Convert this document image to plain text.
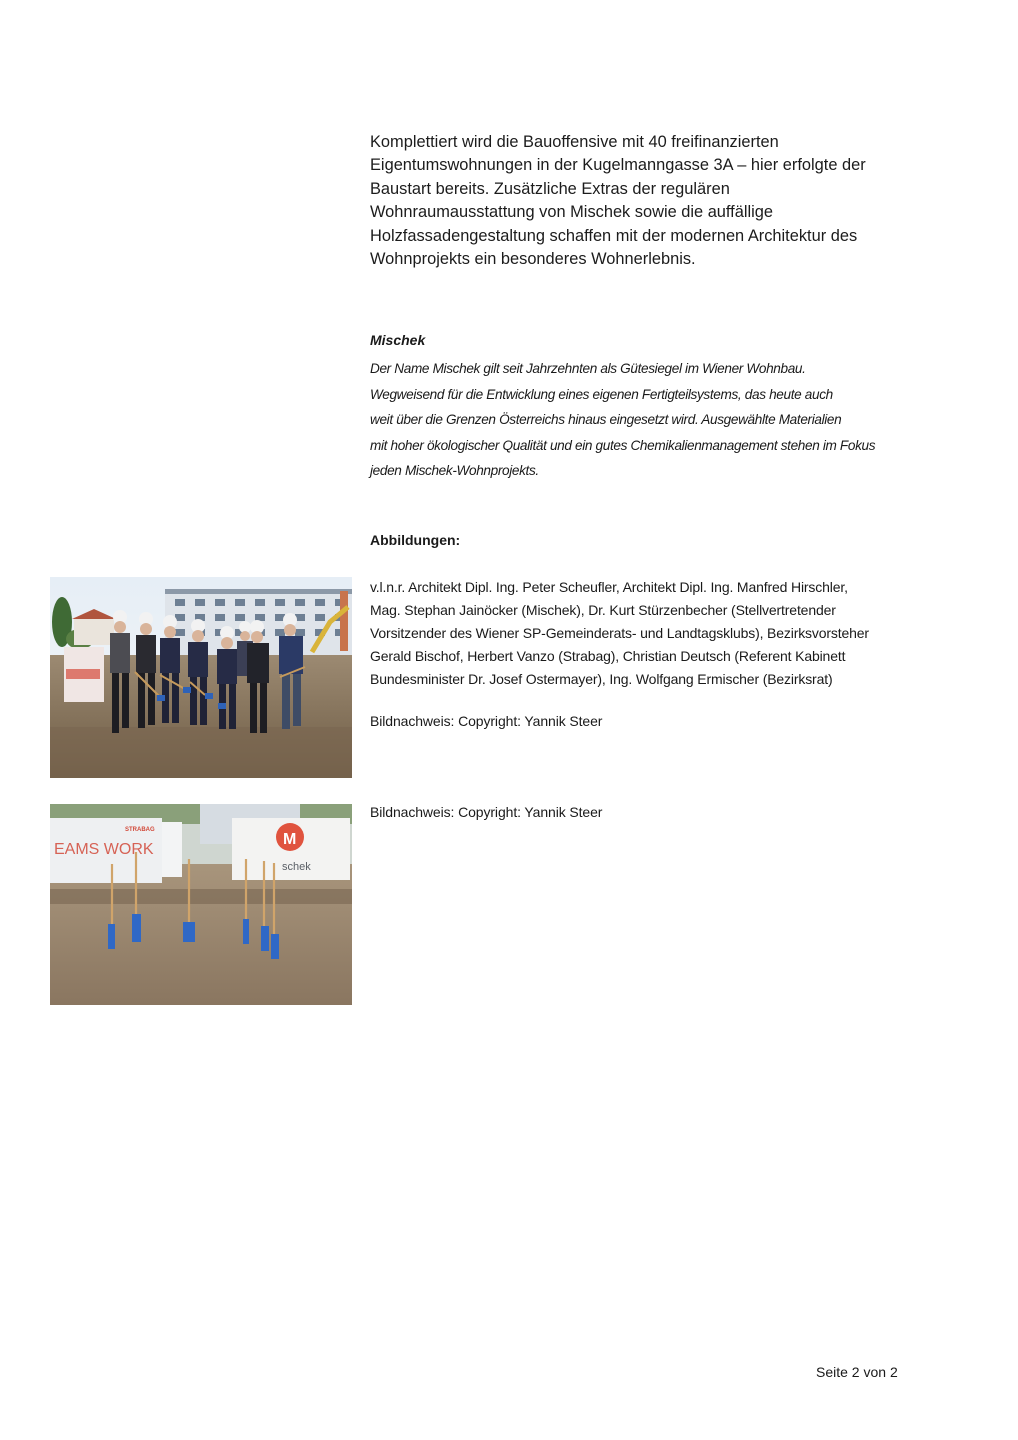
Komplettiert wird die Bauoffensive mit 40 freifinanzierten
Eigentumswohnungen in der Kugelmanngasse 3A – hier erfolgte der
Baustart bereits. Zusätzliche Extras der regulären
Wohnraumausstattung von Mischek sowie die auffällige
Holzfassadengestaltung schaffen mit der modernen Architektur des
Wohnprojekts ein besonderes Wohnerlebnis.
Mischek
Der Name Mischek gilt seit Jahrzehnten als Gütesiegel im Wiener Wohnbau.
Wegweisend für die Entwicklung eines eigenen Fertigteilsystems, das heute auch
weit über die Grenzen Österreichs hinaus eingesetzt wird. Ausgewählte Materialien
mit hoher ökologischer Qualität und ein gutes Chemikalienmanagement stehen im Fokus
jeden Mischek-Wohnprojekts.
Abbildungen:
v.l.n.r. Architekt Dipl. Ing. Peter Scheufler, Architekt Dipl. Ing. Manfred Hirschler,
Mag. Stephan Jainöcker (Mischek), Dr. Kurt Stürzenbecher (Stellvertretender
Vorsitzender des Wiener SP-Gemeinderats- und Landtagsklubs), Bezirksvorsteher
Gerald Bischof, Herbert Vanzo (Strabag), Christian Deutsch (Referent Kabinett
Bundesminister Dr. Josef Ostermayer), Ing. Wolfgang Ermischer (Bezirksrat)
Bildnachweis: Copyright: Yannik Steer
STRABAG
EAMS WORK
M
schek
Bildnachweis: Copyright: Yannik Steer
Seite 2 von 2
